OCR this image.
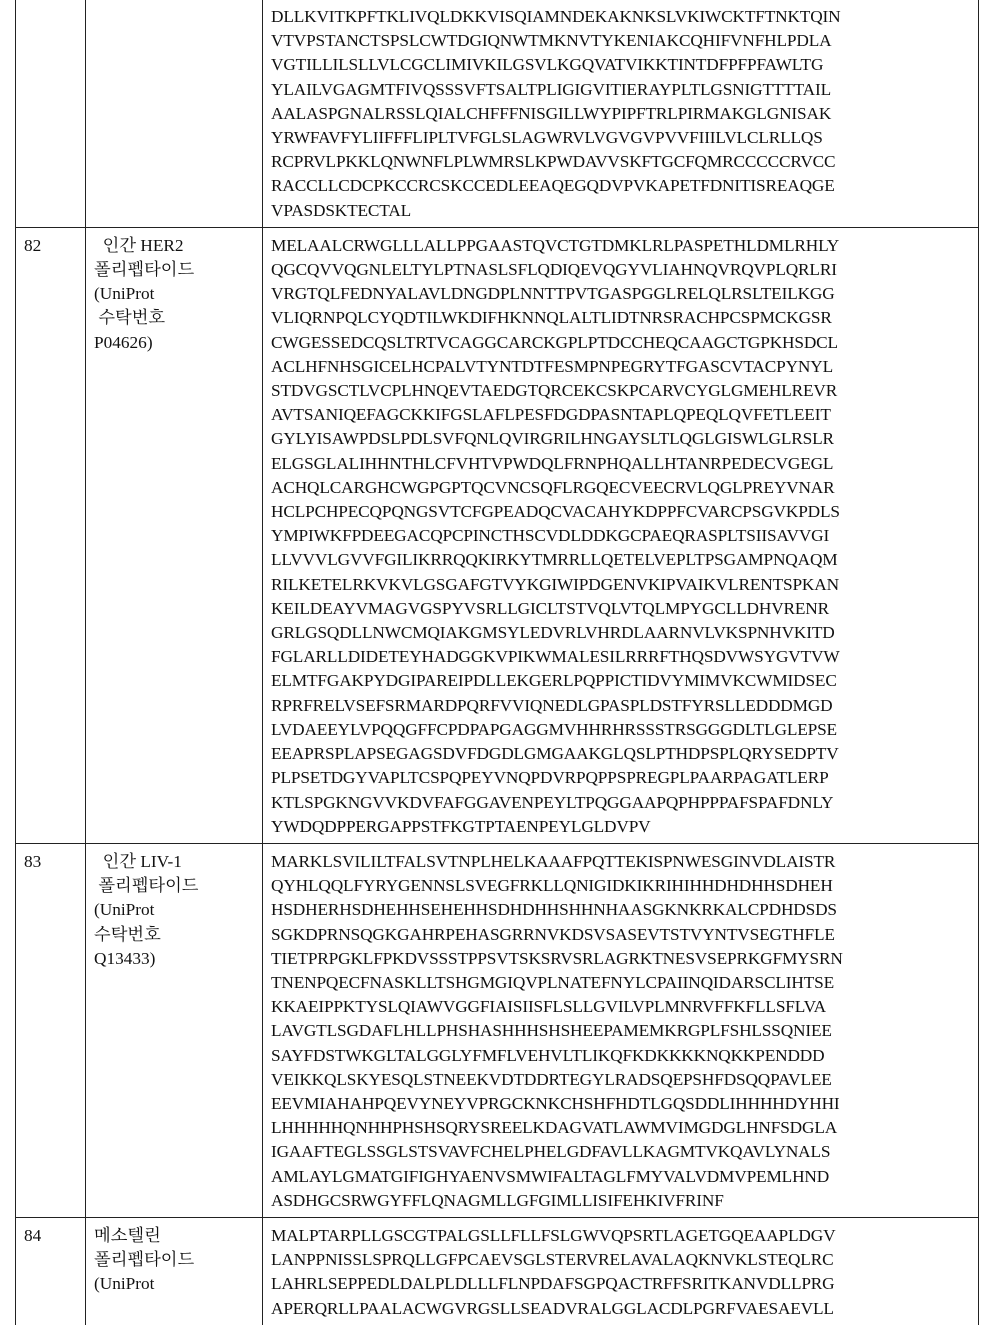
DLLKVITKPFTKLIVQLDKKVISQIAMNDEKAKNKSLVKIWCKTFTNKTQIN
VTVPSTANCTSPSLCWTDGIQNWTMKNVTYKENIAKCQHIFVNFHLPDLA
VGTILLILSLLVLCGCLIMIVKILGSVLKGQVATVIKKTINTDFPFPFAWLTG
YLAILVGAGMTFIVQSSSVFTSALTPLIGIGVITIERAYPLTLGSNIGTTTTAIL
AALASPGNALRSSLQIALCHFFFNISGILLWYPIPFTRLPIRMAKGLGNISAK
YRWFAVFYLIIFFFLIPLTVFGLSLAGWRVLVGVGVPVVFIIILVLCLRLLQS
RCPRVLPKKLQNWNFLPLWMRSLKPWDAVVSKFTGCFQMRCCCCCRVCC
RACCLLCDCPKCCRCSKCCEDLEEAQEGQDVPVKAPETFDNITISREAQGE
VPASDSKTECTAL

82	인간 HER2
폴리펩타이드
(UniProt
수탁번호
P04626)

MELAALCRWGLLLALLPPGAASTQVCTGTDMKLRLPASPETHLDMLRHLY
QGCQVVQGNLELTYLPTNASLSFLQDIQEVQGYVLIAHNQVRQVPLQRLRI
VRGTQLFEDNYALAVLDNGDPLNNTTPVTGASPGGLRELQLRSLTEILKGG
VLIQRNPQLCYQDTILWKDIFHKNNQLALTLIDTNRSRACHPCSPMCKGSR
CWGESSEDCQSLTRTVCAGGCARCKGPLPTDCCHEQCAAGCTGPKHSDCL
ACLHFNHSGICELHCPALVTYNTDTFESMPNPEGRYTFGASCVTACPYNYL
STDVGSCTLVCPLHNQEVTAEDGTQRCEKCSKPCARVCYGLGMEHLREVR
AVTSANIQEFAGCKKIFGSLAFLPESFDGDPASNTAPLQPEQLQVFETLEEIT
GYLYISAWPDSLPDLSVFQNLQVIRGRILHNGAYSLTLQGLGISWLGLRSLR
ELGSGLALIHHNTHLCFVHTVPWDQLFRNPHQALLHTANRPEDECVGEGL
ACHQLCARGHCWGPGPTQCVNCSQFLRGQECVEECRVLQGLPREYVNAR
HCLPCHPECQPQNGSVTCFGPEADQCVACAHYKDPPFCVARCPSGVKPDLS
YMPIWKFPDEEGACQPCPINCTHSCVDLDDKGCPAEQRASPLTSIISAVVGI
LLVVVLGVVFGILIKRRQQKIRKYTMRRLLQETELVEPLTPSGAMPNQAQM
RILKETELRKVKVLGSGAFGTVYKGIWIPDGENVKIPVAIKVLRENTSPKAN
KEILDEAYVMAGVGSPYVSRLLGICLTSTVQLVTQLMPYGCLLDHVRENR
GRLGSQDLLNWCMQIAKGMSYLEDVRLVHRDLAARNVLVKSPNHVKITD
FGLARLLDIDETEYHADGGKVPIKWMALESILRRRFTHQSDVWSYGVTVW
ELMTFGAKPYDGIPAREIPDLLEKGERLPQPPICTIDVYMIMVKCWMIDSEC
RPRFRELVSEFSRMARDPQRFVVIQNEDLGPASPLDSTFYRSLLEDDDMGD
LVDAEEYLVPQQGFFCPDPAPGAGGMVHHRHRSSSTRSGGGDLTLGLEPSE
EEAPRSPLAPSEGAGSDVFDGDLGMGAAKGLQSLPTHDPSPLQRYSEDPTV
PLPSETDGYVAPLTCSPQPEYVNQPDVRPQPPSPREGPLPAARPAGATLERP
KTLSPGKNGVVKDVFAFGGAVENPEYLTPQGGAAPQPHPPPAFSPAFDNLY
YWDQDPPERGAPPSTFKGTPTAENPEYLGLDVPV

83	인간 LIV-1
폴리펩타이드
(UniProt
수탁번호
Q13433)

MARKLSVILILTFALSVTNPLHELKAAAFPQTTEKISPNWESGINVDLAISTR
QYHLQQLFYRYGENNSLSVEGFRKLLQNIGIDKIKRIHIHHDHDHHSDHEH
HSDHERHSDHEHHSEHEHHSDHDHHSHHNHAASGKNKRKALCPDHDSDS
SGKDPRNSQGKGAHRPEHASGRRNVKDSVSASEVTSTVYNTVSEGTHFLE
TIETPRPGKLFPKDVSSSTPPSVTSKSRVSRLAGRKTNESVSEPRKGFMYSRN
TNENPQECFNASKLLTSHGMGIQVPLNATEFNYLCPAIINQIDARSCLIHTSE
KKAEIPPKTYSLQIAWVGGFIAISIISFLSLLGVILVPLMNRVFFKFLLSFLVA
LAVGTLSGDAFLHLLPHSHASHHHSHSHEEPAMEMKRGPLFSHLSSQNIEE
SAYFDSTWKGLTALGGLYFMFLVEHVLTLIKQFKDKKKKNQKKPENDDD
VEIKKQLSKYESQLSTNEEKVDTDDRTEGYLRADSQEPSHFDSQQPAVLEE
EEVMIAHAHPQEVYNEYVPRGCKNKCHSHFHDTLGQSDDLIHHHHDYHHI
LHHHHHQNHHPHSHSQRYSREELKDAGVATLAWMVIMGDGLHNFSDGLA
IGAAFTEGLSSGLSTSVAVFCHELPHELGDFAVLLKAGMTVKQAVLYNALS
AMLAYLGMATGIFIGHYAENVSMWIFALTAGLFMYVALVDMVPEMLHND
ASDHGCSRWGYFFLQNAGMLLGFGIMLLISIFEHKIVFRINF

84	메소텔린
폴리펩타이드
(UniProt

MALPTARPLLGSCGTPALGSLLFLLFSLGWVQPSRTLAGETGQEAAPLDGV
LANPPNISSLSPRQLLGFPCAEVSGLSTERVRELAVALAQKNVKLSTEQLRC
LAHRLSEPPEDLDALPLDLLLFLNPDAFSGPQACTRFFSRITKANVDLLPRG
APERQRLLPAALACWGVRGSLLSEADVRALGGLACDLPGRFVAESAEVLL
